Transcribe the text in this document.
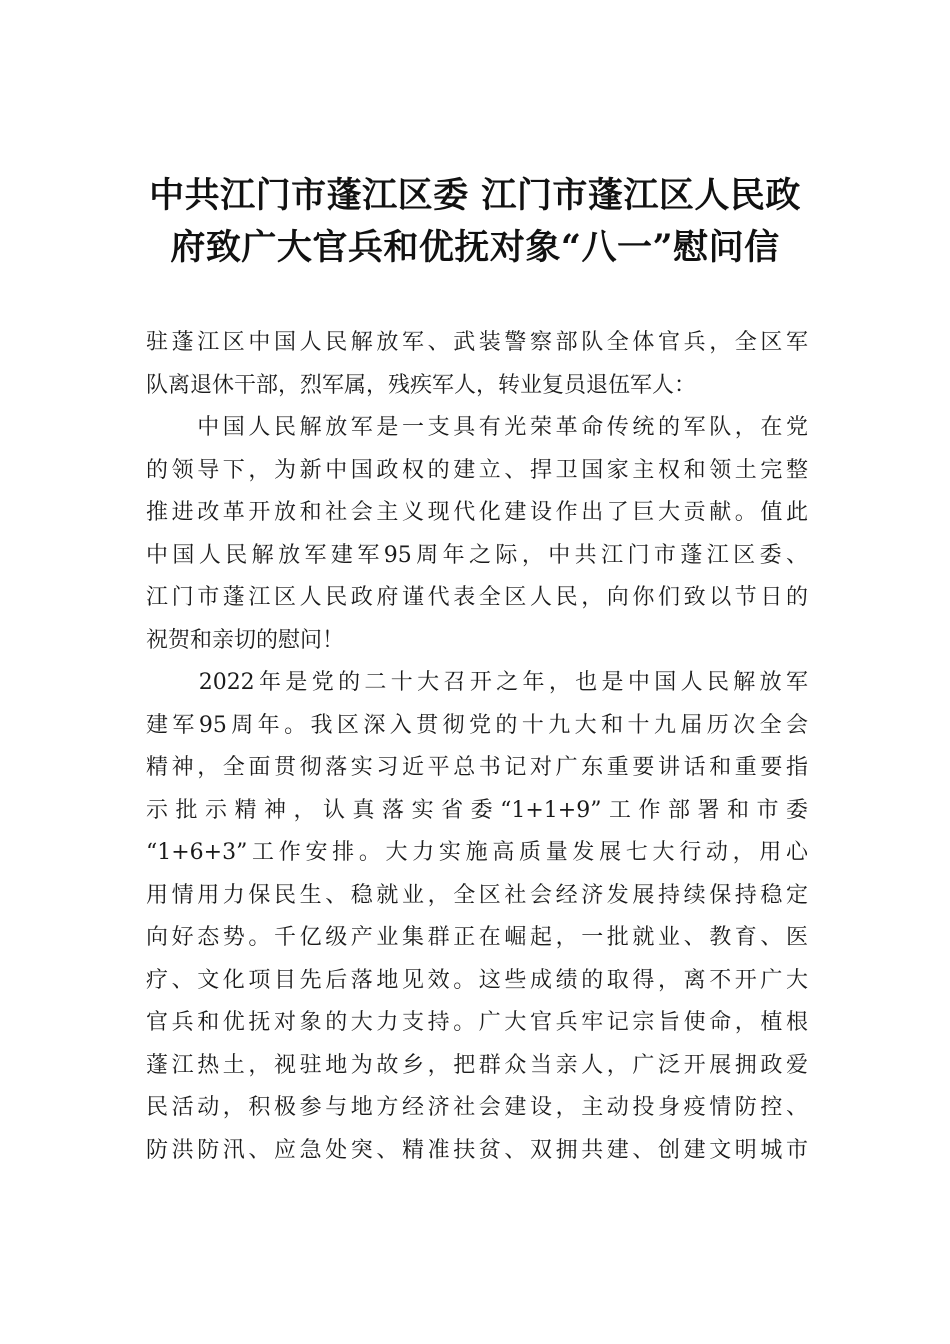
中共江门市蓬江区委 江门市蓬江区人民政
府致广大官兵和优抚对象“八一”慰问信
驻蓬江区中国人民解放军、武装警察部队全体官兵，全区军
队离退休干部，烈军属，残疾军人，转业复员退伍军人：
　　中国人民解放军是一支具有光荣革命传统的军队，在党
的领导下，为新中国政权的建立、捍卫国家主权和领土完整
推进改革开放和社会主义现代化建设作出了巨大贡献。值此
中国人民解放军建军95周年之际，中共江门市蓬江区委、
江门市蓬江区人民政府谨代表全区人民，向你们致以节日的
祝贺和亲切的慰问！
　　2022年是党的二十大召开之年，也是中国人民解放军
建军95周年。我区深入贯彻党的十九大和十九届历次全会
精神，全面贯彻落实习近平总书记对广东重要讲话和重要指
示批示精神，认真落实省委“1+1+9”工作部署和市委
“1+6+3”工作安排。大力实施高质量发展七大行动，用心
用情用力保民生、稳就业，全区社会经济发展持续保持稳定
向好态势。千亿级产业集群正在崛起，一批就业、教育、医
疗、文化项目先后落地见效。这些成绩的取得，离不开广大
官兵和优抚对象的大力支持。广大官兵牢记宗旨使命，植根
蓬江热土，视驻地为故乡，把群众当亲人，广泛开展拥政爱
民活动，积极参与地方经济社会建设，主动投身疫情防控、
防洪防汛、应急处突、精准扶贫、双拥共建、创建文明城市
